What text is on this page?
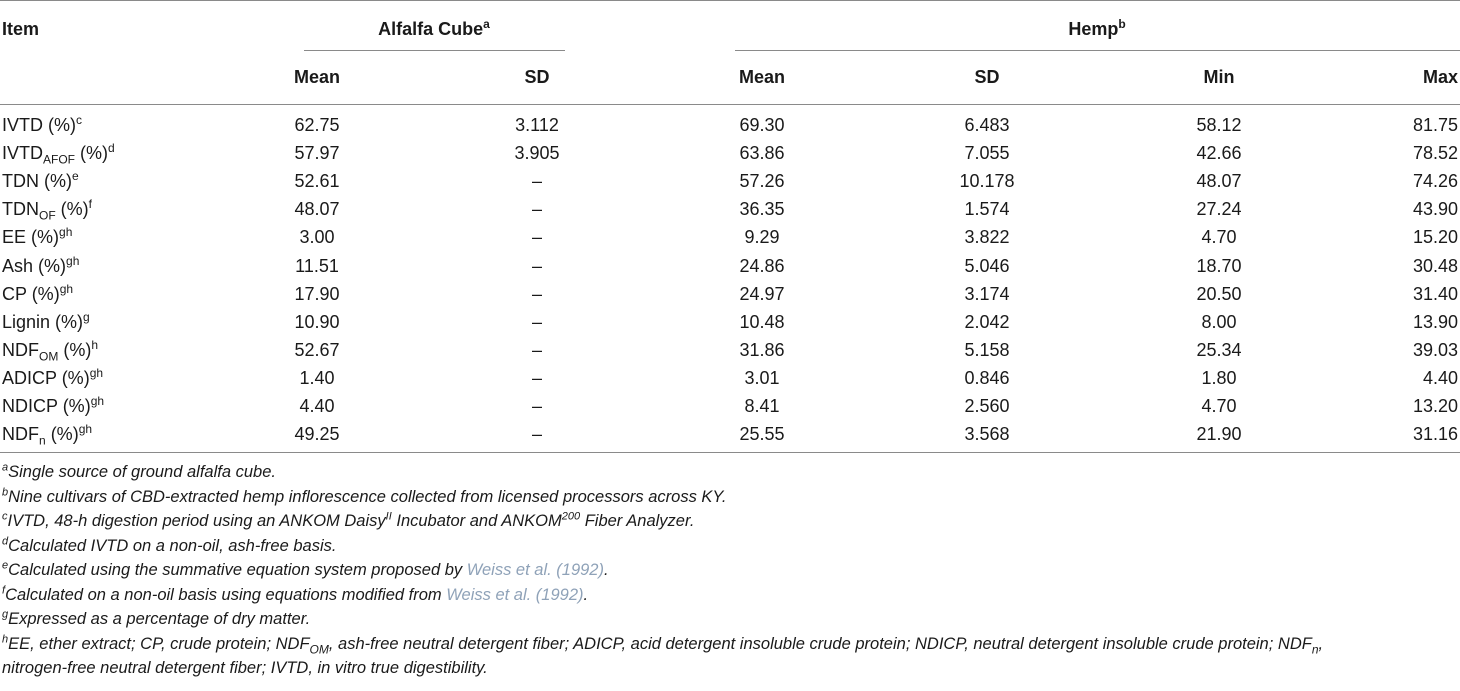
Item	Alfalfa Cube$^a$	Hemp$^b$
Mean	SD	Mean	SD	Min	Max
IVTD (%)$^c$	62.75	3.112	69.30	6.483	58.12	81.75
$IVTD_{AFOF}$ (%)$^d$	57.97	3.905	63.86	7.055	42.66	78.52
TDN (%)$^e$	52.61	–	57.26	10.178	48.07	74.26
$TDN_{OF}$ (%)$^f$	48.07	–	36.35	1.574	27.24	43.90
EE (%)$^{gh}$	3.00	–	9.29	3.822	4.70	15.20
Ash (%)$^{gh}$	11.51	–	24.86	5.046	18.70	30.48
CP (%)$^{gh}$	17.90	–	24.97	3.174	20.50	31.40
Lignin (%)$^g$	10.90	–	10.48	2.042	8.00	13.90
$NDF_{OM}$ (%)$^h$	52.67	–	31.86	5.158	25.34	39.03
ADICP (%)$^{gh}$	1.40	–	3.01	0.846	1.80	4.40
NDICP (%)$^{gh}$	4.40	–	8.41	2.560	4.70	13.20
$NDF_n$ (%)$^{gh}$	49.25	–	25.55	3.568	21.90	31.16
$^a$Single source of ground alfalfa cube.
$^b$Nine cultivars of CBD-extracted hemp inflorescence collected from licensed processors across KY.
$^c$IVTD, 48-h digestion period using an ANKOM Daisy$^{II}$ Incubator and ANKOM$^{200}$ Fiber Analyzer.
$^d$Calculated IVTD on a non-oil, ash-free basis.
$^e$Calculated using the summative equation system proposed by Weiss et al. (1992).
$^f$Calculated on a non-oil basis using equations modified from Weiss et al. (1992).
$^g$Expressed as a percentage of dry matter.
$^h$EE, ether extract; CP, crude protein; $NDF_{OM}$, ash-free neutral detergent fiber; ADICP, acid detergent insoluble crude protein; NDICP, neutral detergent insoluble crude protein; $NDF_n$,
nitrogen-free neutral detergent fiber; IVTD, in vitro true digestibility.
